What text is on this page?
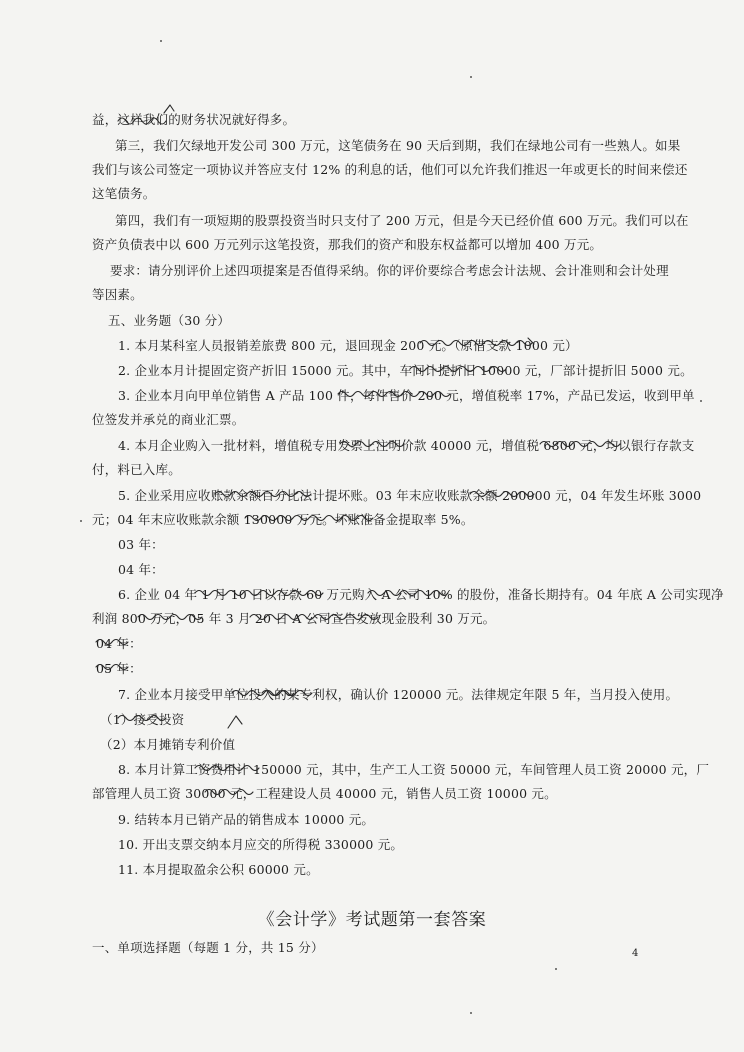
益，这样我们的财务状况就好得多。
第三，我们欠绿地开发公司 300 万元，这笔债务在 90 天后到期，我们在绿地公司有一些熟人。如果
我们与该公司签定一项协议并答应支付 12% 的利息的话，他们可以允许我们推迟一年或更长的时间来偿还
这笔债务。
第四，我们有一项短期的股票投资当时只支付了 200 万元，但是今天已经价值 600 万元。我们可以在
资产负债表中以 600 万元列示这笔投资，那我们的资产和股东权益都可以增加 400 万元。
要求：请分别评价上述四项提案是否值得采纳。你的评价要综合考虑会计法规、会计准则和会计处理
等因素。
五、业务题（30 分）
1. 本月某科室人员报销差旅费 800 元，退回现金 200 元。（原借支款 1000 元）
2. 企业本月计提固定资产折旧 15000 元。其中，车间计提折旧 10000 元，厂部计提折旧 5000 元。
3. 企业本月向甲单位销售 A 产品 100 件，每件售价 200 元，增值税率 17%，产品已发运，收到甲单
位签发并承兑的商业汇票。
4. 本月企业购入一批材料，增值税专用发票上注明价款 40000 元，增值税 6800 元，均以银行存款支
付，料已入库。
5. 企业采用应收账款余额百分比法计提坏账。03 年末应收账款余额 200000 元，04 年发生坏账 3000
元；04 年末应收账款余额 130000 万元。坏账准备金提取率 5%。
03 年：
04 年：
6. 企业 04 年 1 月 10 日以存款 60 万元购入 A 公司 10% 的股份，准备长期持有。04 年底 A 公司实现净
利润 800 万元，05 年 3 月 20 日 A 公司宣告发放现金股利 30 万元。
04 年：
05 年：
7. 企业本月接受甲单位投入的某专利权，确认价 120000 元。法律规定年限 5 年，当月投入使用。
（1）接受投资
（2）本月摊销专利价值
8. 本月计算工资费用计 150000 元，其中，生产工人工资 50000 元，车间管理人员工资 20000 元，厂
部管理人员工资 30000 元，工程建设人员 40000 元，销售人员工资 10000 元。
9. 结转本月已销产品的销售成本 10000 元。
10. 开出支票交纳本月应交的所得税 330000 元。
11. 本月提取盈余公积 60000 元。
《会计学》考试题第一套答案
一、单项选择题（每题 1 分，共 15 分）	4
